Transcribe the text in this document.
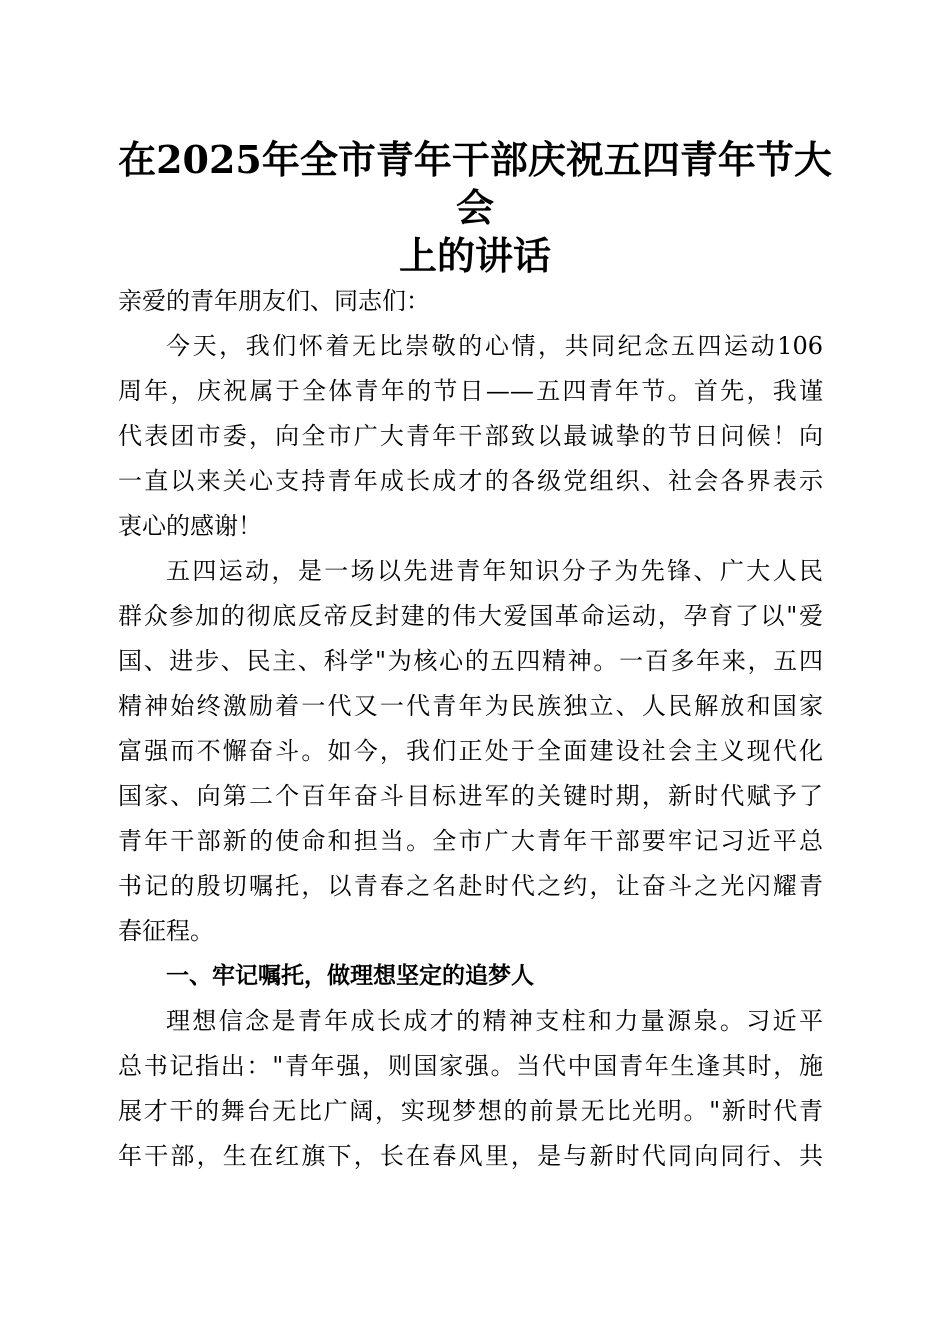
在2025年全市青年干部庆祝五四青年节大会
上的讲话
亲爱的青年朋友们、同志们：
今天，我们怀着无比崇敬的心情，共同纪念五四运动106
周年，庆祝属于全体青年的节日——五四青年节。首先，我谨
代表团市委，向全市广大青年干部致以最诚挚的节日问候！向
一直以来关心支持青年成长成才的各级党组织、社会各界表示
衷心的感谢！
五四运动，是一场以先进青年知识分子为先锋、广大人民
群众参加的彻底反帝反封建的伟大爱国革命运动，孕育了以"爱
国、进步、民主、科学"为核心的五四精神。一百多年来，五四
精神始终激励着一代又一代青年为民族独立、人民解放和国家
富强而不懈奋斗。如今，我们正处于全面建设社会主义现代化
国家、向第二个百年奋斗目标进军的关键时期，新时代赋予了
青年干部新的使命和担当。全市广大青年干部要牢记习近平总
书记的殷切嘱托，以青春之名赴时代之约，让奋斗之光闪耀青
春征程。
一、牢记嘱托，做理想坚定的追梦人
理想信念是青年成长成才的精神支柱和力量源泉。习近平
总书记指出："青年强，则国家强。当代中国青年生逢其时，施
展才干的舞台无比广阔，实现梦想的前景无比光明。"新时代青
年干部，生在红旗下，长在春风里，是与新时代同向同行、共
